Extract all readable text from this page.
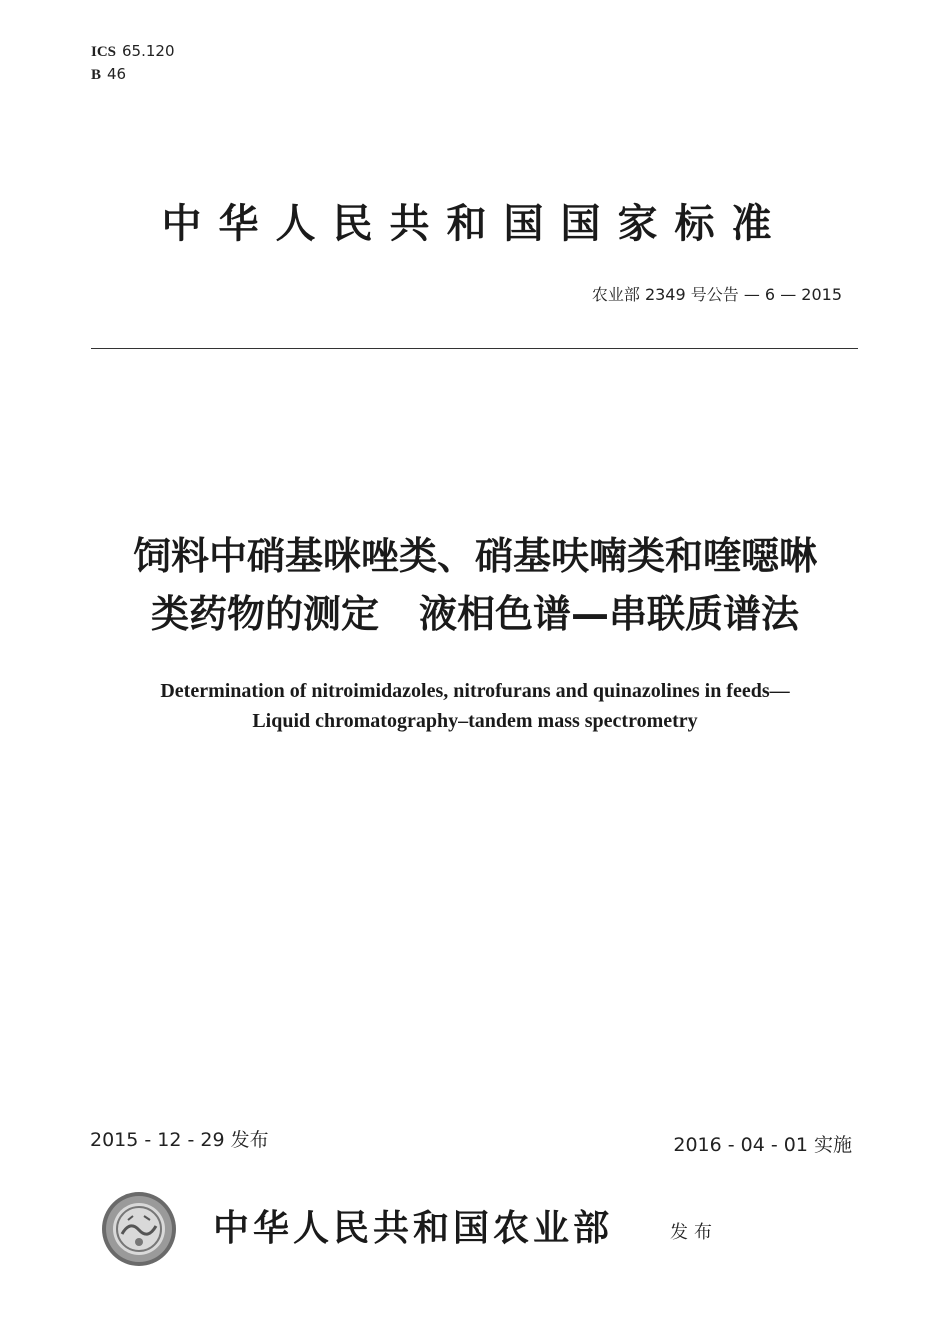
ICS 65.120
B 46
中华人民共和国国家标准
农业部 2349 号公告 — 6 — 2015
饲料中硝基咪唑类、硝基呋喃类和喹噁啉
类药物的测定 液相色谱—串联质谱法
Determination of nitroimidazoles, nitrofurans and quinazolines in feeds—
Liquid chromatography–tandem mass spectrometry
2015 - 12 - 29 发布	2016 - 04 - 01 实施
中华人民共和国农业部	发布
